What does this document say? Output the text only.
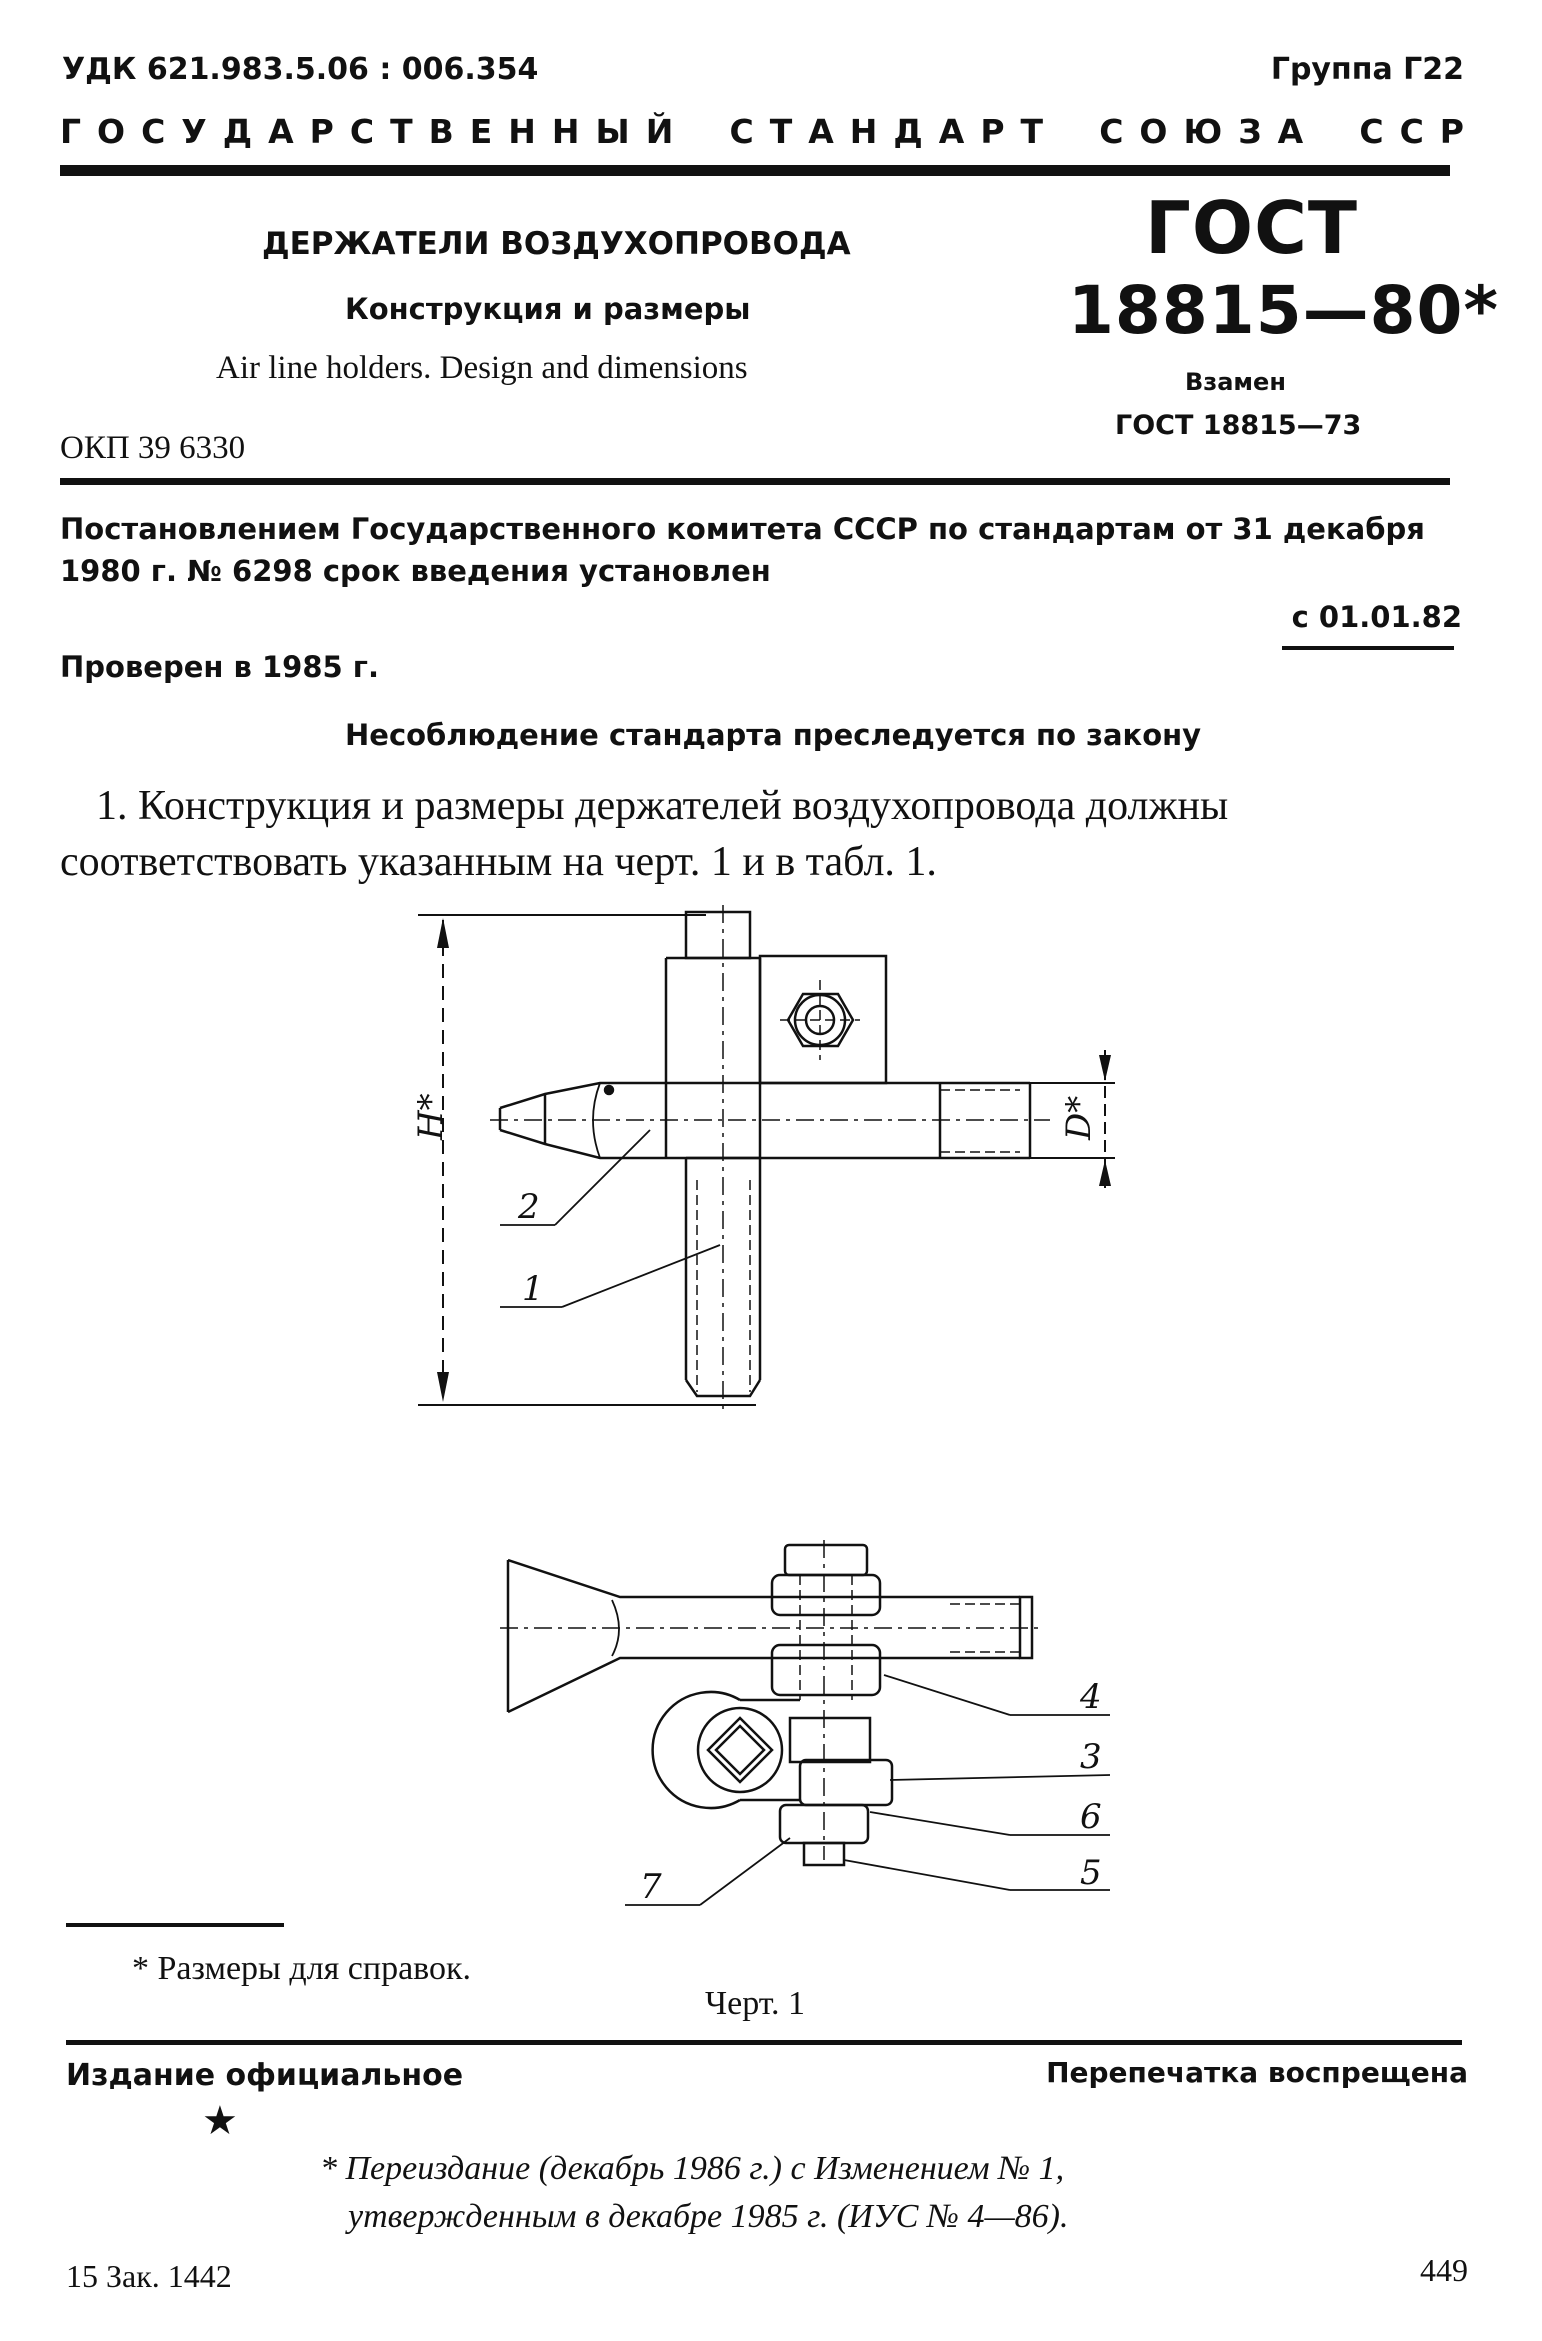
УДК 621.983.5.06 : 006.354	Группа Г22
ГОСУДАРСТВЕННЫЙ СТАНДАРТ СОЮЗА ССР
ДЕРЖАТЕЛИ ВОЗДУХОПРОВОДА
Конструкция и размеры
Air line holders. Design and dimensions
ОКП 39 6330
ГОСТ
18815—80*
Взамен
ГОСТ 18815—73
Постановлением Государственного комитета СССР по стандартам от 31 декабря
1980 г. № 6298 срок введения установлен
с 01.01.82
Проверен в 1985 г.
Несоблюдение стандарта преследуется по закону
1. Конструкция и размеры держателей воздухопровода должны
соответствовать указанным на черт. 1 и в табл. 1.
H*	D*
2
1
4
3
6
5
7
* Размеры для справок.
Черт. 1
Издание официальное	Перепечатка воспрещена
★
* Переиздание (декабрь 1986 г.) с Изменением № 1,
утвержденным в декабре 1985 г. (ИУС № 4—86).
15 Зак. 1442	449
